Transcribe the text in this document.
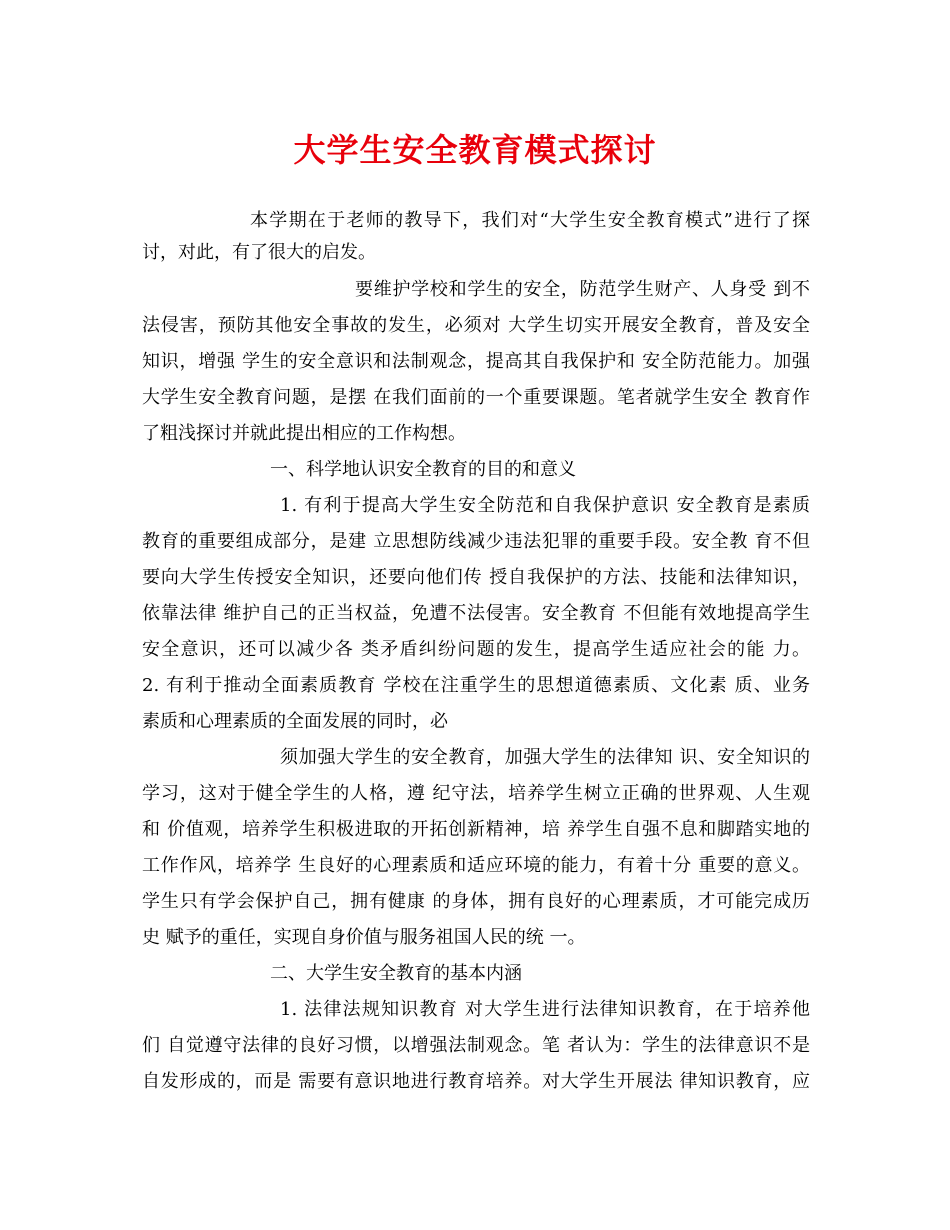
大学生安全教育模式探讨

本学期在于老师的教导下，我们对“大学生安全教育模式”进行了探

讨，对此，有了很大的启发。

要维护学校和学生的安全，防范学生财产、人身受 到不

法侵害，预防其他安全事故的发生，必须对 大学生切实开展安全教育，普及安全

知识，增强 学生的安全意识和法制观念，提高其自我保护和 安全防范能力。加强

大学生安全教育问题，是摆 在我们面前的一个重要课题。笔者就学生安全 教育作

了粗浅探讨并就此提出相应的工作构想。

一、科学地认识安全教育的目的和意义

1. 有利于提高大学生安全防范和自我保护意识 安全教育是素质

教育的重要组成部分，是建 立思想防线减少违法犯罪的重要手段。安全教 育不但

要向大学生传授安全知识，还要向他们传 授自我保护的方法、技能和法律知识，

依靠法律 维护自己的正当权益，免遭不法侵害。安全教育 不但能有效地提高学生

安全意识，还可以减少各 类矛盾纠纷问题的发生，提高学生适应社会的能 力。

2. 有利于推动全面素质教育 学校在注重学生的思想道德素质、文化素 质、业务

素质和心理素质的全面发展的同时，必

须加强大学生的安全教育，加强大学生的法律知 识、安全知识的

学习，这对于健全学生的人格，遵 纪守法，培养学生树立正确的世界观、人生观

和 价值观，培养学生积极进取的开拓创新精神，培 养学生自强不息和脚踏实地的

工作作风，培养学 生良好的心理素质和适应环境的能力，有着十分 重要的意义。

学生只有学会保护自己，拥有健康 的身体，拥有良好的心理素质，才可能完成历

史 赋予的重任，实现自身价值与服务祖国人民的统 一。

二、大学生安全教育的基本内涵

1. 法律法规知识教育 对大学生进行法律知识教育，在于培养他

们 自觉遵守法律的良好习惯，以增强法制观念。笔 者认为：学生的法律意识不是

自发形成的，而是 需要有意识地进行教育培养。对大学生开展法 律知识教育，应
